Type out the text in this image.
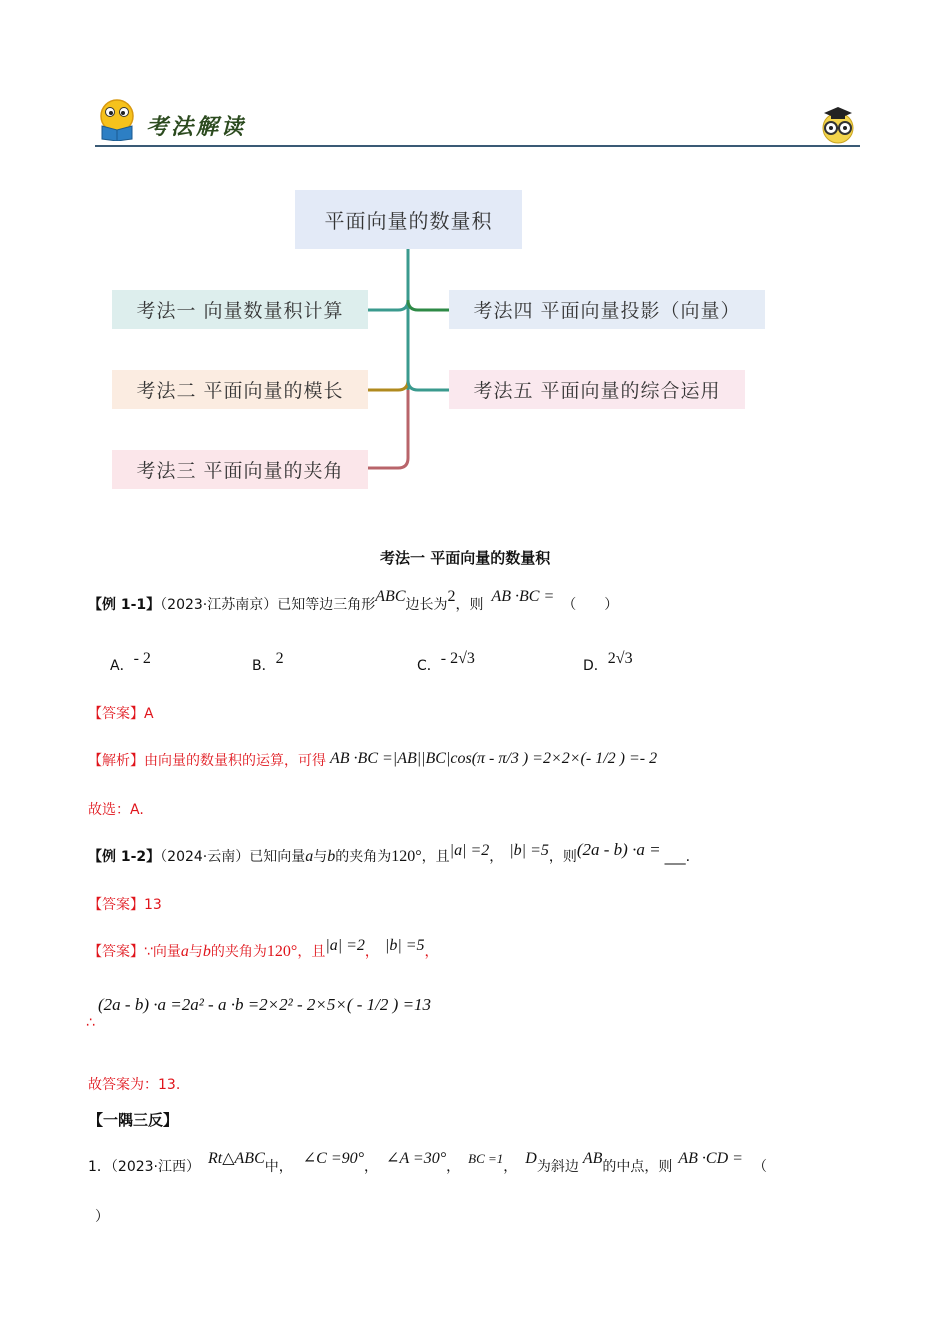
考法解读
平面向量的数量积
考法一 向量数量积计算
考法二 平面向量的模长
考法三 平面向量的夹角
考法四 平面向量投影（向量）
考法五 平面向量的综合运用
考法一 平面向量的数量积
【例 1-1】（2023·江苏南京）已知等边三角形ABC边长为2，则 AB ·BC = （　　）
A．- 2	B．2	C．- 2√3	D．2√3
【答案】A
【解析】由向量的数量积的运算，可得 AB ·BC =|AB||BC|cos(π - π/3 ) =2×2×(- 1/2 ) =- 2
故选：A.
【例 1-2】（2024·云南）已知向量a与b的夹角为120°，且|a| =2， |b| =5，则(2a - b) ·a = ___.
【答案】13
【答案】∵向量a与b的夹角为120°，且|a| =2， |b| =5，
∴
(2a - b) ·a =2a² - a ·b =2×2² - 2×5×( - 1/2 ) =13
故答案为：13.
【一隅三反】
1．（2023·江西） Rt△ABC中， ∠C =90°， ∠A =30°，BC =1， D为斜边 AB的中点，则 AB ·CD = （
）
